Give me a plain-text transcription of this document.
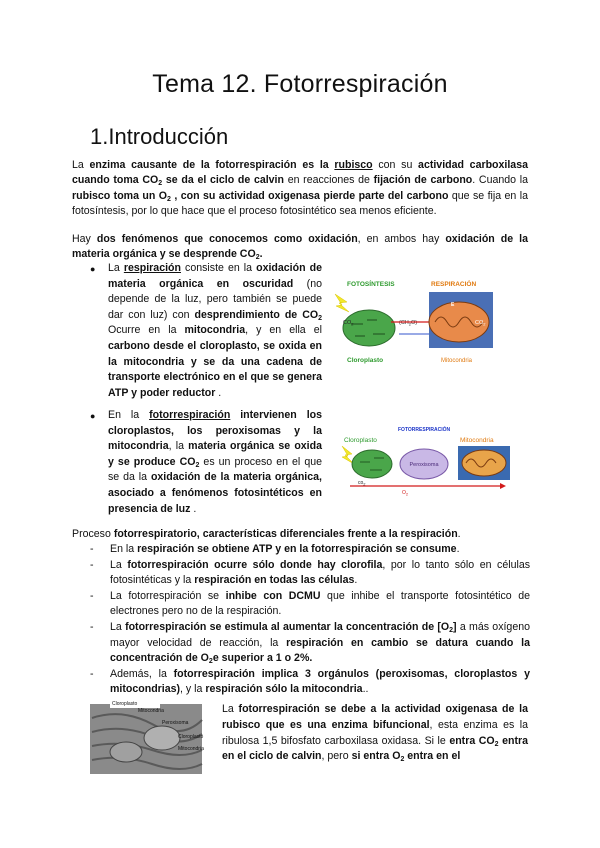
Tema 12. Fotorrespiración
1.Introducción
La enzima causante de la fotorrespiración es la rubisco con su actividad carboxilasa cuando toma $CO_2$ se da el ciclo de calvin en reacciones de fijación de carbono. Cuando la rubisco toma un $O_2$ , con su actividad oxigenasa pierde parte del carbono que se fija en la fotosíntesis, por lo que hace que el proceso fotosintético sea menos eficiente.
Hay dos fenómenos que conocemos como oxidación, en ambos hay oxidación de la materia orgánica y se desprende $CO_2$.
● La respiración consiste en la oxidación de materia orgánica en oscuridad (no depende de la luz, pero también se puede dar con luz) con desprendimiento de $CO_2$ Ocurre en la mitocondria, y en ella el carbono desde el cloroplasto, se oxida en la mitocondria y se da una cadena de transporte electrónico en el que se genera ATP y poder reductor .
FOTOSÍNTESIS	RESPIRACIÓN
$CO_2$	$(CH_2O)$
E
$CO_2$
Cloroplasto	Mitocondria
● En la fotorrespiración intervienen los cloroplastos, los peroxisomas y la mitocondria, la materia orgánica se oxida y se produce $CO_2$ es un proceso en el que se da la oxidación de la materia orgánica, asociado a fenómenos fotosintéticos en presencia de luz .
FOTORRESPIRACIÓN
Cloroplasto	Mitocondria
Peroxisoma
$co_2$
$O_2$
Proceso fotorrespiratorio, características diferenciales frente a la respiración.
- En la respiración se obtiene ATP y en la fotorrespiración se consume.
- La fotorrespiración ocurre sólo donde hay clorofila, por lo tanto sólo en células fotosintéticas y la respiración en todas las células.
- La fotorrespiración se inhibe con DCMU que inhibe el transporte fotosintético de electrones pero no de la respiración.
- La fotorrespiración se estimula al aumentar la concentración de $[O_2]$ a más oxígeno mayor velocidad de reacción, la respiración en cambio se datura cuando la concentración de $O_2e$ superior a 1 o 2%.
- Además, la fotorrespiración implica 3 orgánulos (peroxisomas, cloroplastos y mitocondrias), y la respiración sólo la mitocondria..
Cloroplasto
Mitocondria
Peroxisoma
Cloroplasto
Mitocondria
La fotorrespiración se debe a la actividad oxigenasa de la rubisco que es una enzima bifuncional, esta enzima es la ribulosa 1,5 bifosfato carboxilasa oxidasa. Si le entra $CO_2$ entra en el ciclo de calvin, pero si entra $O_2$ entra en el
